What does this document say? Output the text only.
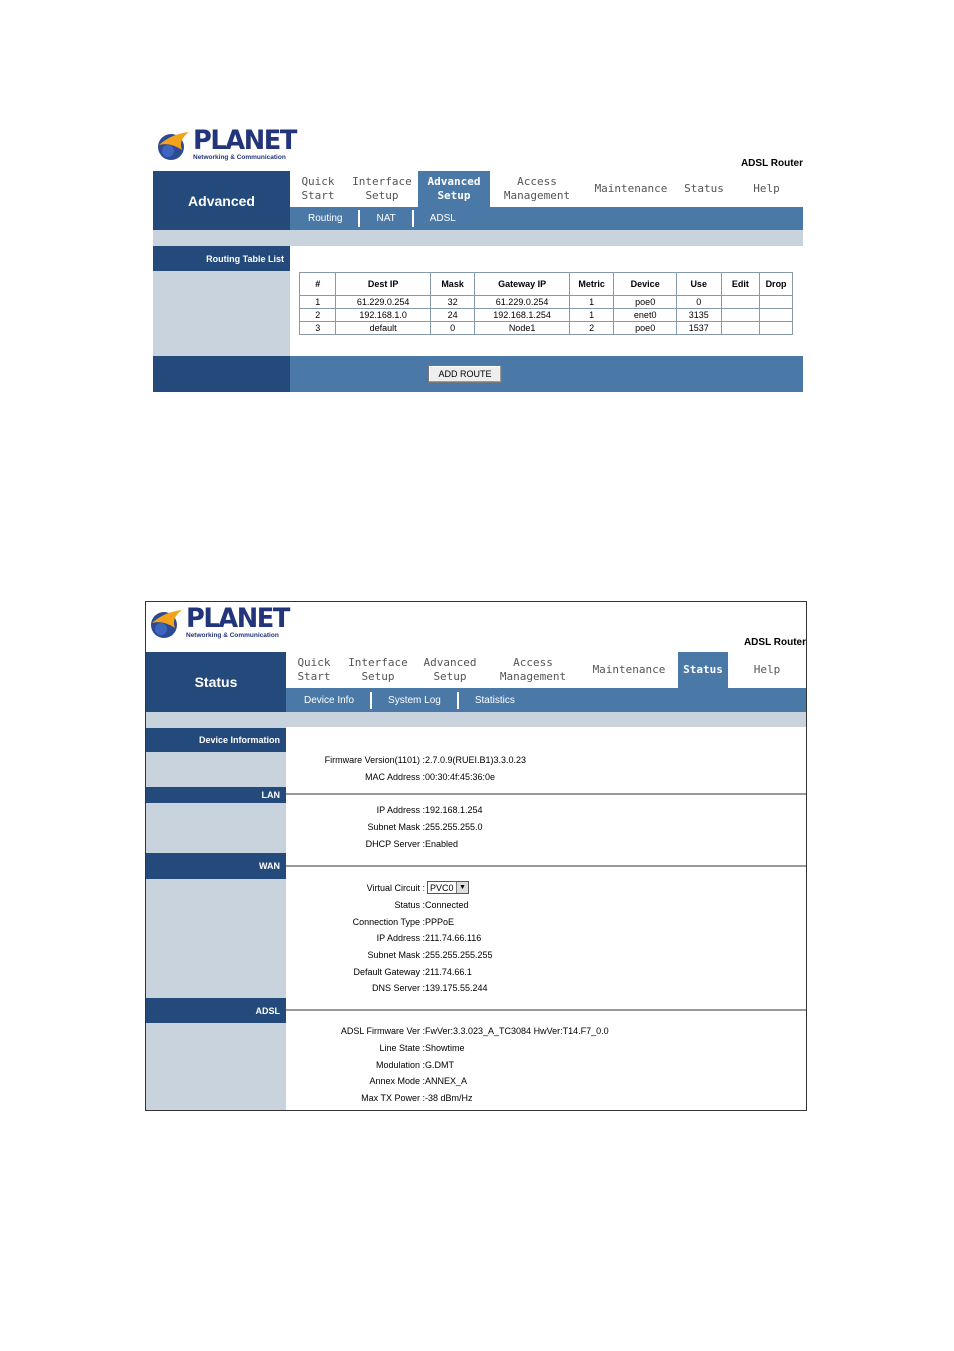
PLANET
Networking & Communication
ADSL Router
Advanced
Quick
Start
Interface
Setup
Advanced
Setup
Access
Management
Maintenance Status	Help
Routing	NAT	ADSL
Routing Table List
#	Dest IP	Mask	Gateway IP	Metric	Device	Use	Edit	Drop
1	61.229.0.254	32	61.229.0.254	1	poe0	0		
2	192.168.1.0	24	192.168.1.254	1	enet0	3135		
3	default	0	Node1	2	poe0	1537		
ADD ROUTE
PLANET
Networking & Communication
ADSL Router
Status
Quick
Start
Interface
Setup
Advanced
Setup
Access
Management
Maintenance Status	Help
Device Info	System Log	Statistics
Device Information
Firmware Version(1101) : 2.7.0.9(RUEI.B1)3.3.0.23
MAC Address : 00:30:4f:45:36:0e
LAN
IP Address : 192.168.1.254
Subnet Mask : 255.255.255.0
DHCP Server : Enabled
WAN
Virtual Circuit : PVC0 ▼
Status : Connected
Connection Type : PPPoE
IP Address : 211.74.66.116
Subnet Mask : 255.255.255.255
Default Gateway : 211.74.66.1
DNS Server : 139.175.55.244
ADSL
ADSL Firmware Ver : FwVer:3.3.023_A_TC3084 HwVer:T14.F7_0.0
Line State : Showtime
Modulation : G.DMT
Annex Mode : ANNEX_A
Max TX Power : -38 dBm/Hz
